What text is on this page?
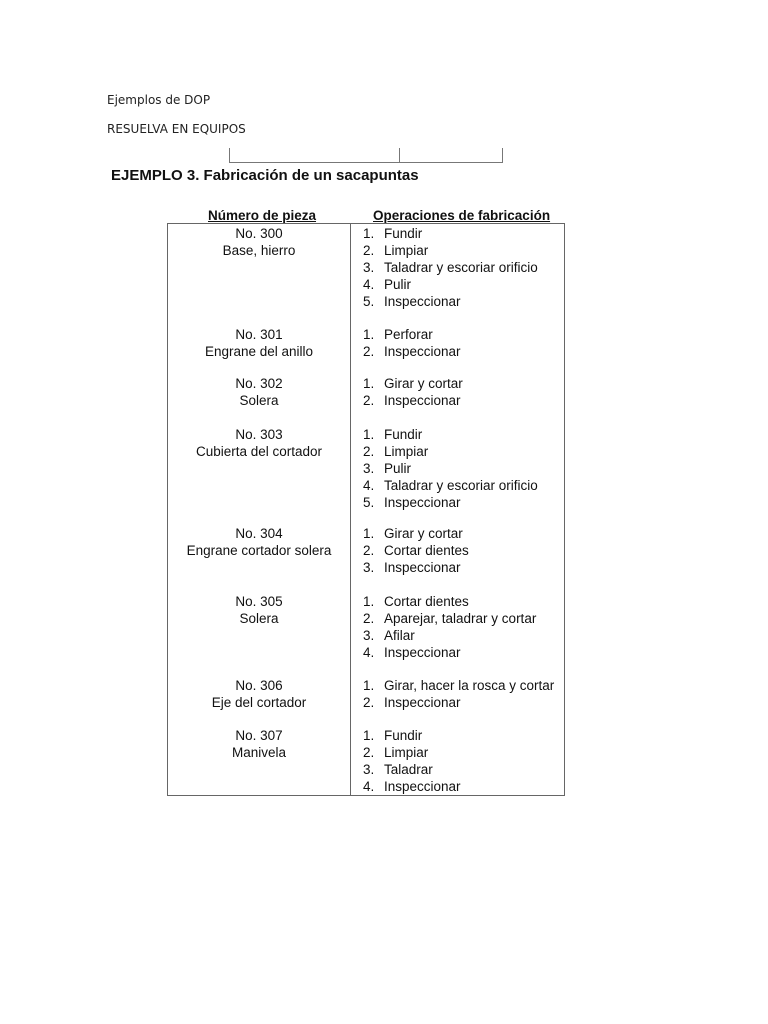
Ejemplos de DOP
RESUELVA EN EQUIPOS
EJEMPLO 3. Fabricación de un sacapuntas
Número de pieza	Operaciones de fabricación
No. 300
Base, hierro
1. Fundir
2. Limpiar
3. Taladrar y escoriar orificio
4. Pulir
5. Inspeccionar
No. 301
Engrane del anillo
1. Perforar
2. Inspeccionar
No. 302
Solera
1. Girar y cortar
2. Inspeccionar
No. 303
Cubierta del cortador
1. Fundir
2. Limpiar
3. Pulir
4. Taladrar y escoriar orificio
5. Inspeccionar
No. 304
Engrane cortador solera
1. Girar y cortar
2. Cortar dientes
3. Inspeccionar
No. 305
Solera
1. Cortar dientes
2. Aparejar, taladrar y cortar
3. Afilar
4. Inspeccionar
No. 306
Eje del cortador
1. Girar, hacer la rosca y cortar
2. Inspeccionar
No. 307
Manivela
1. Fundir
2. Limpiar
3. Taladrar
4. Inspeccionar
